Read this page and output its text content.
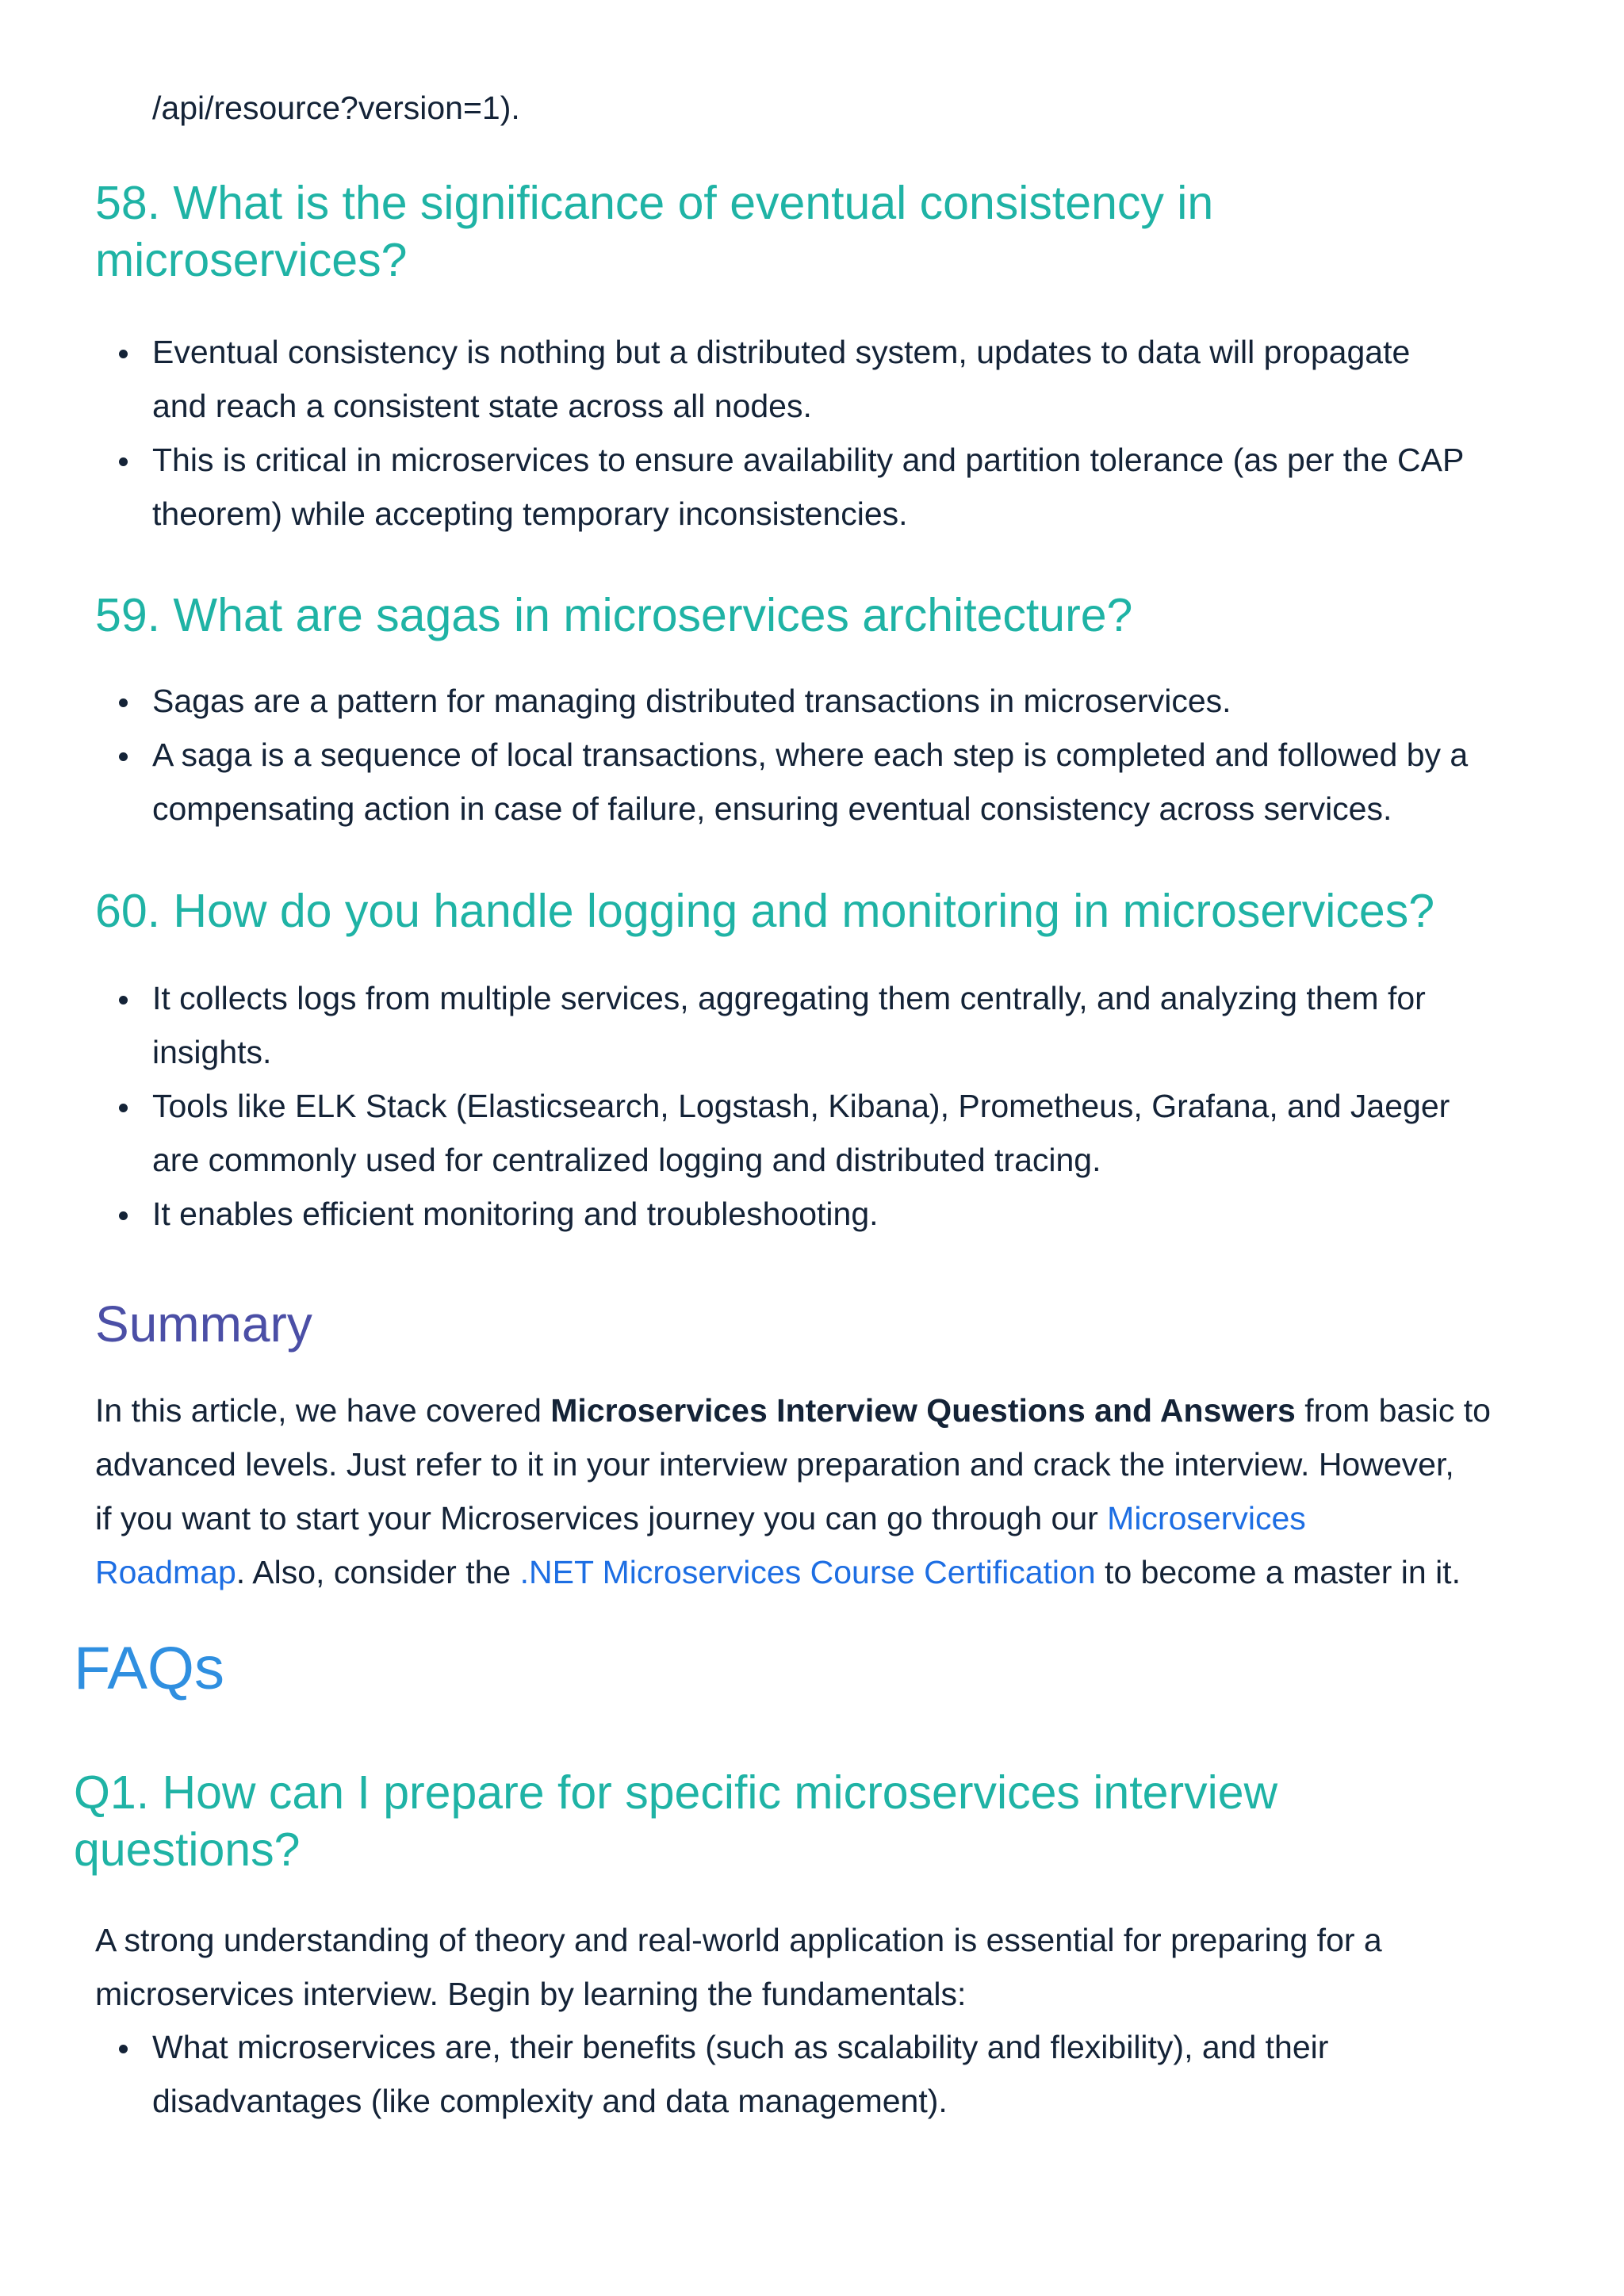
/api/resource?version=1).
58. What is the significance of eventual consistency in
microservices?
Eventual consistency is nothing but a distributed system, updates to data will propagate
and reach a consistent state across all nodes.
This is critical in microservices to ensure availability and partition tolerance (as per the CAP
theorem) while accepting temporary inconsistencies.
59. What are sagas in microservices architecture?
Sagas are a pattern for managing distributed transactions in microservices.
A saga is a sequence of local transactions, where each step is completed and followed by a
compensating action in case of failure, ensuring eventual consistency across services.
60. How do you handle logging and monitoring in microservices?
It collects logs from multiple services, aggregating them centrally, and analyzing them for
insights.
Tools like ELK Stack (Elasticsearch, Logstash, Kibana), Prometheus, Grafana, and Jaeger
are commonly used for centralized logging and distributed tracing.
It enables efficient monitoring and troubleshooting.
Summary

In this article, we have covered Microservices Interview Questions and Answers from basic to
advanced levels. Just refer to it in your interview preparation and crack the interview. However,
if you want to start your Microservices journey you can go through our Microservices
Roadmap. Also, consider the .NET Microservices Course Certification to become a master in it.

FAQs
Q1. How can I prepare for specific microservices interview
questions?

A strong understanding of theory and real-world application is essential for preparing for a
microservices interview. Begin by learning the fundamentals:

What microservices are, their benefits (such as scalability and flexibility), and their
disadvantages (like complexity and data management).
